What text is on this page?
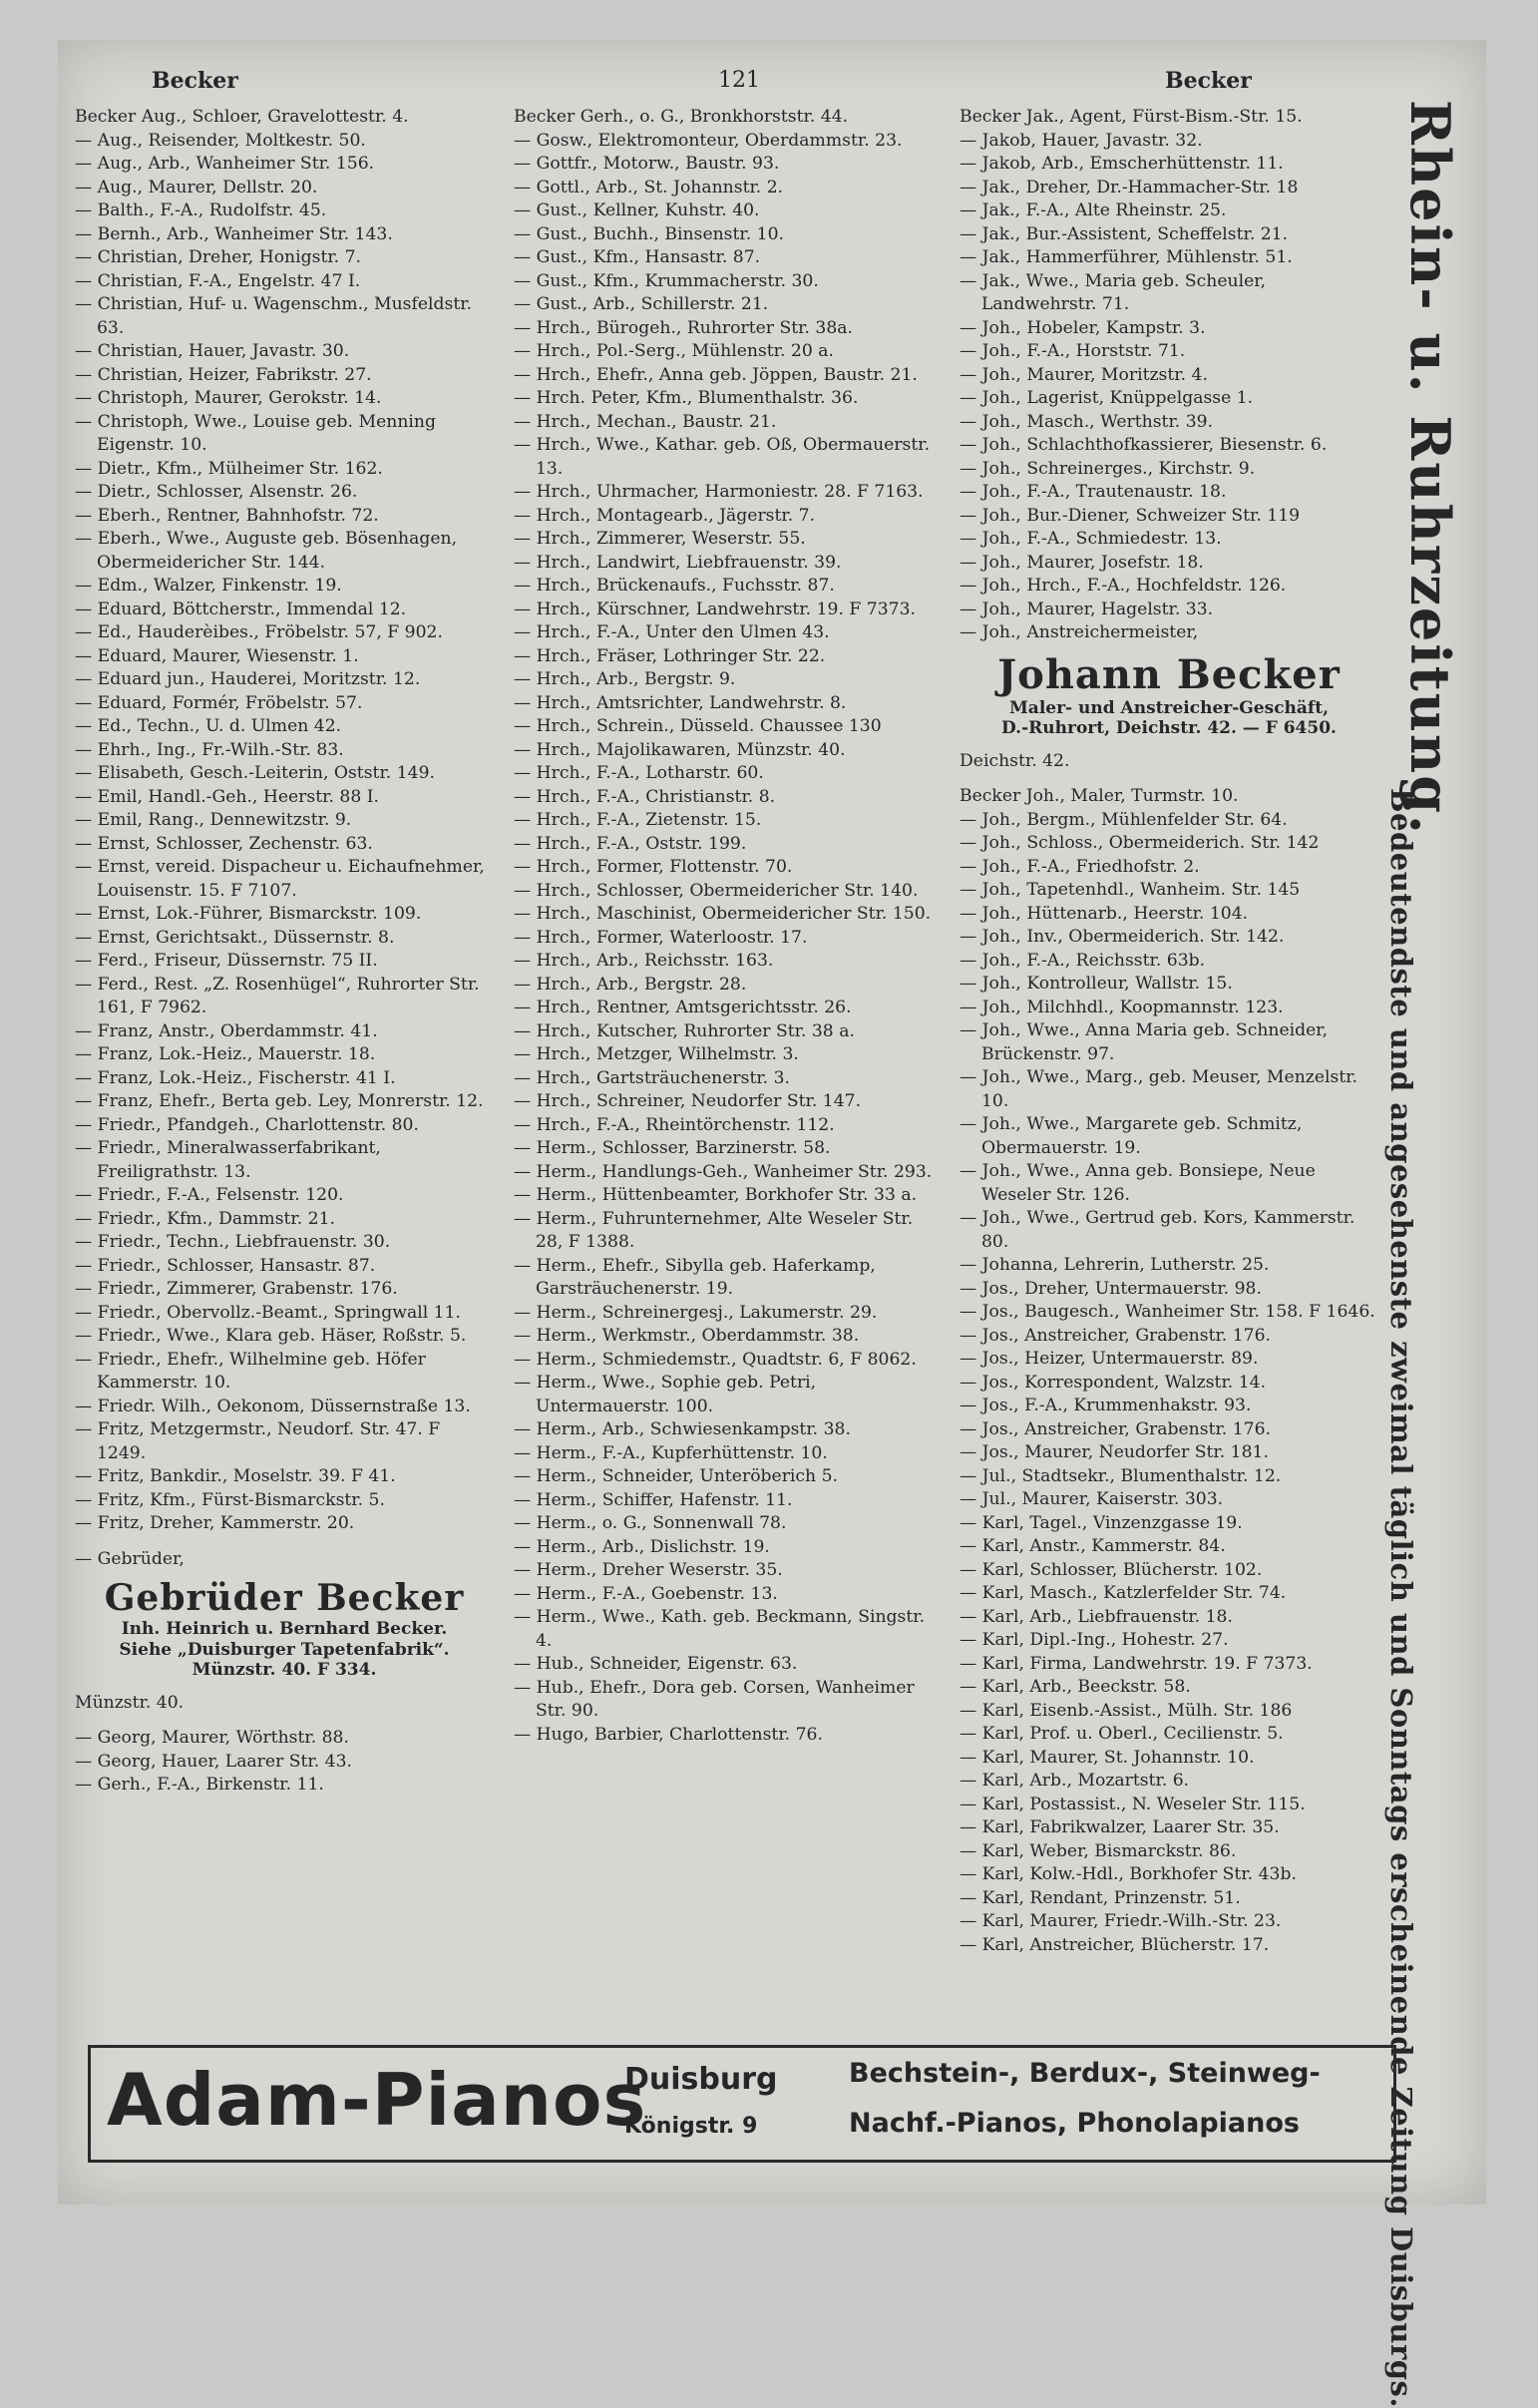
Becker	121	Becker
Becker Aug., Schloer, Gravelottestr. 4.
— Aug., Reisender, Moltkestr. 50.
— Aug., Arb., Wanheimer Str. 156.
— Aug., Maurer, Dellstr. 20.
— Balth., F.-A., Rudolfstr. 45.
— Bernh., Arb., Wanheimer Str. 143.
— Christian, Dreher, Honigstr. 7.
— Christian, F.-A., Engelstr. 47 I.
— Christian, Huf- u. Wagenschm., Musfeldstr. 63.
— Christian, Hauer, Javastr. 30.
— Christian, Heizer, Fabrikstr. 27.
— Christoph, Maurer, Gerokstr. 14.
— Christoph, Wwe., Louise geb. Menning Eigenstr. 10.
— Dietr., Kfm., Mülheimer Str. 162.
— Dietr., Schlosser, Alsenstr. 26.
— Eberh., Rentner, Bahnhofstr. 72.
— Eberh., Wwe., Auguste geb. Bösenhagen, Obermeidericher Str. 144.
— Edm., Walzer, Finkenstr. 19.
— Eduard, Böttcherstr., Immendal 12.
— Ed., Hauderèibes., Fröbelstr. 57, F 902.
— Eduard, Maurer, Wiesenstr. 1.
— Eduard jun., Hauderei, Moritzstr. 12.
— Eduard, Formér, Fröbelstr. 57.
— Ed., Techn., U. d. Ulmen 42.
— Ehrh., Ing., Fr.-Wilh.-Str. 83.
— Elisabeth, Gesch.-Leiterin, Oststr. 149.
— Emil, Handl.-Geh., Heerstr. 88 I.
— Emil, Rang., Dennewitzstr. 9.
— Ernst, Schlosser, Zechenstr. 63.
— Ernst, vereid. Dispacheur u. Eichaufnehmer, Louisenstr. 15. F 7107.
— Ernst, Lok.-Führer, Bismarckstr. 109.
— Ernst, Gerichtsakt., Düssernstr. 8.
— Ferd., Friseur, Düssernstr. 75 II.
— Ferd., Rest. „Z. Rosenhügel“, Ruhrorter Str. 161, F 7962.
— Franz, Anstr., Oberdammstr. 41.
— Franz, Lok.-Heiz., Mauerstr. 18.
— Franz, Lok.-Heiz., Fischerstr. 41 I.
— Franz, Ehefr., Berta geb. Ley, Monrerstr. 12.
— Friedr., Pfandgeh., Charlottenstr. 80.
— Friedr., Mineralwasserfabrikant, Freiligrathstr. 13.
— Friedr., F.-A., Felsenstr. 120.
— Friedr., Kfm., Dammstr. 21.
— Friedr., Techn., Liebfrauenstr. 30.
— Friedr., Schlosser, Hansastr. 87.
— Friedr., Zimmerer, Grabenstr. 176.
— Friedr., Obervollz.-Beamt., Springwall 11.
— Friedr., Wwe., Klara geb. Häser, Roßstr. 5.
— Friedr., Ehefr., Wilhelmine geb. Höfer Kammerstr. 10.
— Friedr. Wilh., Oekonom, Düssernstraße 13.
— Fritz, Metzgermstr., Neudorf. Str. 47. F 1249.
— Fritz, Bankdir., Moselstr. 39. F 41.
— Fritz, Kfm., Fürst-Bismarckstr. 5.
— Fritz, Dreher, Kammerstr. 20.
— Gebrüder,
Gebrüder Becker
Inh. Heinrich u. Bernhard Becker.
Siehe „Duisburger Tapetenfabrik“.
Münzstr. 40. F 334.
Münzstr. 40.
— Georg, Maurer, Wörthstr. 88.
— Georg, Hauer, Laarer Str. 43.
— Gerh., F.-A., Birkenstr. 11.
Becker Gerh., o. G., Bronkhorststr. 44.
— Gosw., Elektromonteur, Oberdammstr. 23.
— Gottfr., Motorw., Baustr. 93.
— Gottl., Arb., St. Johannstr. 2.
— Gust., Kellner, Kuhstr. 40.
— Gust., Buchh., Binsenstr. 10.
— Gust., Kfm., Hansastr. 87.
— Gust., Kfm., Krummacherstr. 30.
— Gust., Arb., Schillerstr. 21.
— Hrch., Bürogeh., Ruhrorter Str. 38a.
— Hrch., Pol.-Serg., Mühlenstr. 20 a.
— Hrch., Ehefr., Anna geb. Jöppen, Baustr. 21.
— Hrch. Peter, Kfm., Blumenthalstr. 36.
— Hrch., Mechan., Baustr. 21.
— Hrch., Wwe., Kathar. geb. Oß, Obermauerstr. 13.
— Hrch., Uhrmacher, Harmoniestr. 28. F 7163.
— Hrch., Montagearb., Jägerstr. 7.
— Hrch., Zimmerer, Weserstr. 55.
— Hrch., Landwirt, Liebfrauenstr. 39.
— Hrch., Brückenaufs., Fuchsstr. 87.
— Hrch., Kürschner, Landwehrstr. 19. F 7373.
— Hrch., F.-A., Unter den Ulmen 43.
— Hrch., Fräser, Lothringer Str. 22.
— Hrch., Arb., Bergstr. 9.
— Hrch., Amtsrichter, Landwehrstr. 8.
— Hrch., Schrein., Düsseld. Chaussee 130
— Hrch., Majolikawaren, Münzstr. 40.
— Hrch., F.-A., Lotharstr. 60.
— Hrch., F.-A., Christianstr. 8.
— Hrch., F.-A., Zietenstr. 15.
— Hrch., F.-A., Oststr. 199.
— Hrch., Former, Flottenstr. 70.
— Hrch., Schlosser, Obermeidericher Str. 140.
— Hrch., Maschinist, Obermeidericher Str. 150.
— Hrch., Former, Waterloostr. 17.
— Hrch., Arb., Reichsstr. 163.
— Hrch., Arb., Bergstr. 28.
— Hrch., Rentner, Amtsgerichtsstr. 26.
— Hrch., Kutscher, Ruhrorter Str. 38 a.
— Hrch., Metzger, Wilhelmstr. 3.
— Hrch., Gartsträuchenerstr. 3.
— Hrch., Schreiner, Neudorfer Str. 147.
— Hrch., F.-A., Rheintörchenstr. 112.
— Herm., Schlosser, Barzinerstr. 58.
— Herm., Handlungs-Geh., Wanheimer Str. 293.
— Herm., Hüttenbeamter, Borkhofer Str. 33 a.
— Herm., Fuhrunternehmer, Alte Weseler Str. 28, F 1388.
— Herm., Ehefr., Sibylla geb. Haferkamp, Garsträuchenerstr. 19.
— Herm., Schreinergesj., Lakumerstr. 29.
— Herm., Werkmstr., Oberdammstr. 38.
— Herm., Schmiedemstr., Quadtstr. 6, F 8062.
— Herm., Wwe., Sophie geb. Petri, Untermauerstr. 100.
— Herm., Arb., Schwiesenkampstr. 38.
— Herm., F.-A., Kupferhüttenstr. 10.
— Herm., Schneider, Unteröberich 5.
— Herm., Schiffer, Hafenstr. 11.
— Herm., o. G., Sonnenwall 78.
— Herm., Arb., Dislichstr. 19.
— Herm., Dreher Weserstr. 35.
— Herm., F.-A., Goebenstr. 13.
— Herm., Wwe., Kath. geb. Beckmann, Singstr. 4.
— Hub., Schneider, Eigenstr. 63.
— Hub., Ehefr., Dora geb. Corsen, Wanheimer Str. 90.
— Hugo, Barbier, Charlottenstr. 76.
Becker Jak., Agent, Fürst-Bism.-Str. 15.
— Jakob, Hauer, Javastr. 32.
— Jakob, Arb., Emscherhüttenstr. 11.
— Jak., Dreher, Dr.-Hammacher-Str. 18
— Jak., F.-A., Alte Rheinstr. 25.
— Jak., Bur.-Assistent, Scheffelstr. 21.
— Jak., Hammerführer, Mühlenstr. 51.
— Jak., Wwe., Maria geb. Scheuler, Landwehrstr. 71.
— Joh., Hobeler, Kampstr. 3.
— Joh., F.-A., Horststr. 71.
— Joh., Maurer, Moritzstr. 4.
— Joh., Lagerist, Knüppelgasse 1.
— Joh., Masch., Werthstr. 39.
— Joh., Schlachthofkassierer, Biesenstr. 6.
— Joh., Schreinerges., Kirchstr. 9.
— Joh., F.-A., Trautenaustr. 18.
— Joh., Bur.-Diener, Schweizer Str. 119
— Joh., F.-A., Schmiedestr. 13.
— Joh., Maurer, Josefstr. 18.
— Joh., Hrch., F.-A., Hochfeldstr. 126.
— Joh., Maurer, Hagelstr. 33.
— Joh., Anstreichermeister,
Johann Becker
Maler- und Anstreicher-Geschäft,
D.-Ruhrort, Deichstr. 42. — F 6450.
Deichstr. 42.
Becker Joh., Maler, Turmstr. 10.
— Joh., Bergm., Mühlenfelder Str. 64.
— Joh., Schloss., Obermeiderich. Str. 142
— Joh., F.-A., Friedhofstr. 2.
— Joh., Tapetenhdl., Wanheim. Str. 145
— Joh., Hüttenarb., Heerstr. 104.
— Joh., Inv., Obermeiderich. Str. 142.
— Joh., F.-A., Reichsstr. 63b.
— Joh., Kontrolleur, Wallstr. 15.
— Joh., Milchhdl., Koopmannstr. 123.
— Joh., Wwe., Anna Maria geb. Schneider, Brückenstr. 97.
— Joh., Wwe., Marg., geb. Meuser, Menzelstr. 10.
— Joh., Wwe., Margarete geb. Schmitz, Obermauerstr. 19.
— Joh., Wwe., Anna geb. Bonsiepe, Neue Weseler Str. 126.
— Joh., Wwe., Gertrud geb. Kors, Kammerstr. 80.
— Johanna, Lehrerin, Lutherstr. 25.
— Jos., Dreher, Untermauerstr. 98.
— Jos., Baugesch., Wanheimer Str. 158. F 1646.
— Jos., Anstreicher, Grabenstr. 176.
— Jos., Heizer, Untermauerstr. 89.
— Jos., Korrespondent, Walzstr. 14.
— Jos., F.-A., Krummenhakstr. 93.
— Jos., Anstreicher, Grabenstr. 176.
— Jos., Maurer, Neudorfer Str. 181.
— Jul., Stadtsekr., Blumenthalstr. 12.
— Jul., Maurer, Kaiserstr. 303.
— Karl, Tagel., Vinzenzgasse 19.
— Karl, Anstr., Kammerstr. 84.
— Karl, Schlosser, Blücherstr. 102.
— Karl, Masch., Katzlerfelder Str. 74.
— Karl, Arb., Liebfrauenstr. 18.
— Karl, Dipl.-Ing., Hohestr. 27.
— Karl, Firma, Landwehrstr. 19. F 7373.
— Karl, Arb., Beeckstr. 58.
— Karl, Eisenb.-Assist., Mülh. Str. 186
— Karl, Prof. u. Oberl., Cecilienstr. 5.
— Karl, Maurer, St. Johannstr. 10.
— Karl, Arb., Mozartstr. 6.
— Karl, Postassist., N. Weseler Str. 115.
— Karl, Fabrikwalzer, Laarer Str. 35.
— Karl, Weber, Bismarckstr. 86.
— Karl, Kolw.-Hdl., Borkhofer Str. 43b.
— Karl, Rendant, Prinzenstr. 51.
— Karl, Maurer, Friedr.-Wilh.-Str. 23.
— Karl, Anstreicher, Blücherstr. 17.
Rhein- u. Ruhrzeitung.
Bedeutendste und angesehenste zweimal täglich und Sonntags erscheinende Zeitung Duisburgs.
Adam-Pianos
Duisburg
Königstr. 9
Bechstein-, Berdux-, Steinweg-
Nachf.-Pianos, Phonolapianos
